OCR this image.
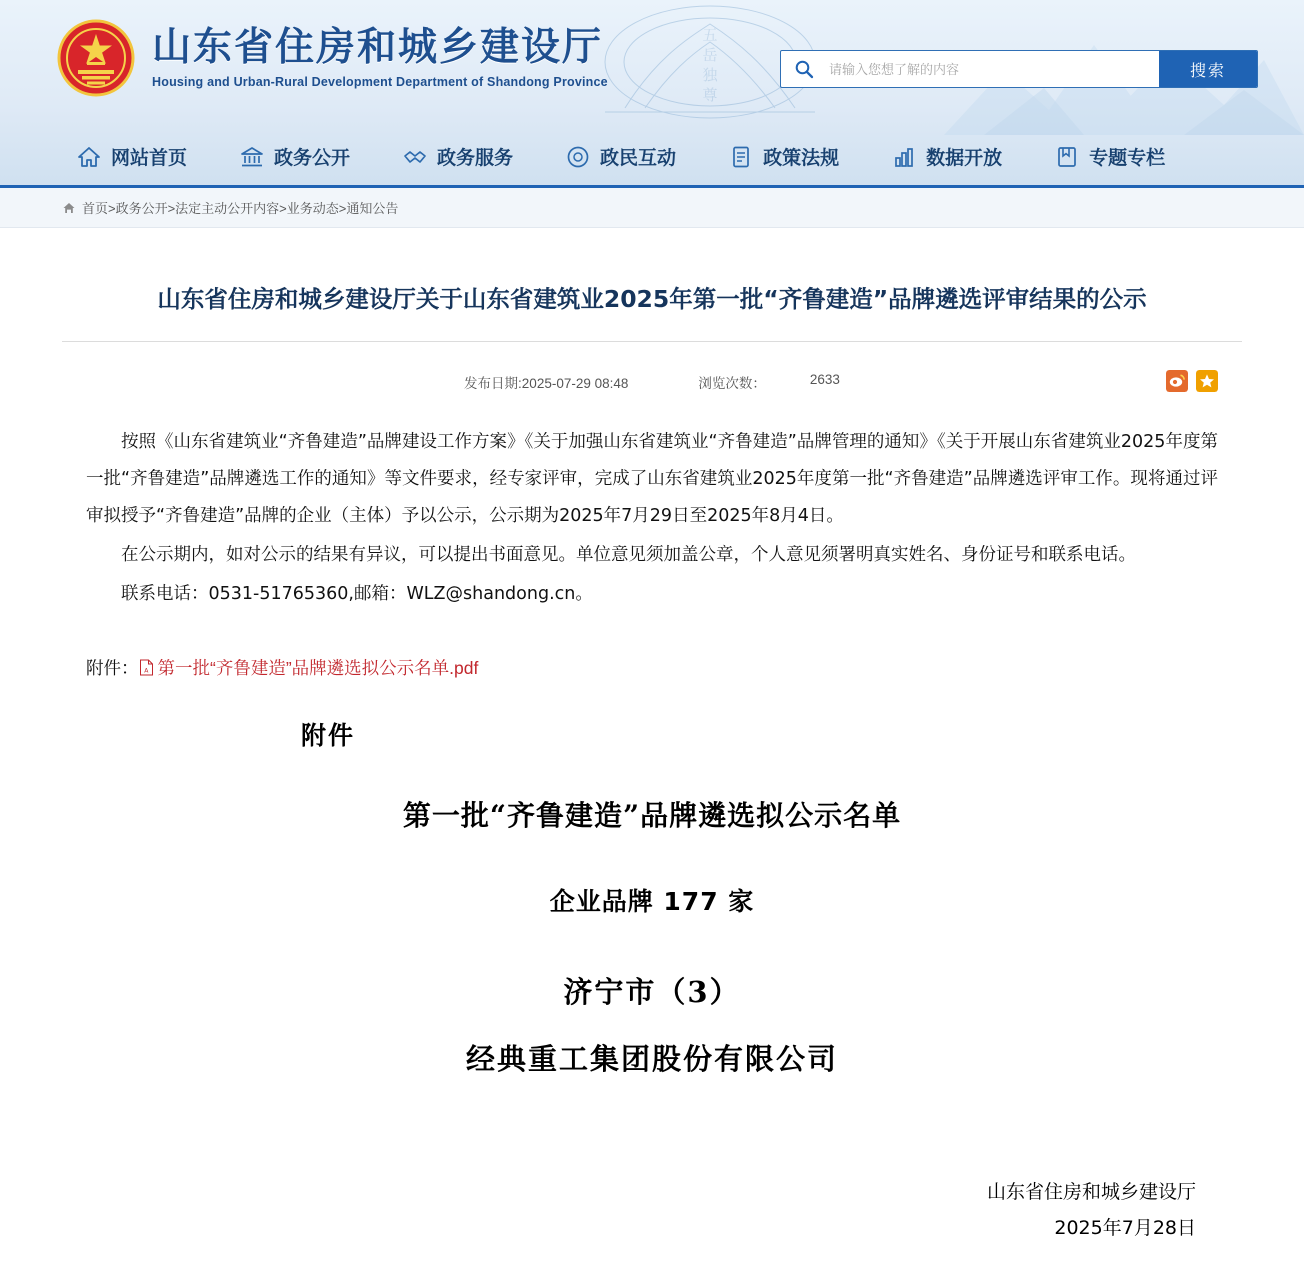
五
岳
独
尊
山东省住房和城乡建设厅
Housing and Urban-Rural Development Department of Shandong Province
请输入您想了解的内容
搜索
网站首页	政务公开	政务服务	政民互动	政策法规	数据开放	专题专栏
首页>政务公开>法定主动公开内容>业务动态>通知公告
山东省住房和城乡建设厅关于山东省建筑业2025年第一批“齐鲁建造”品牌遴选评审结果的公示
发布日期:2025-07-29 08:48	浏览次数：	2633

按照《山东省建筑业“齐鲁建造”品牌建设工作方案》《关于加强山东省建筑业“齐鲁建造”品牌管理的通知》《关于开展山东省建筑业2025年度第一批“齐鲁建造”品牌遴选工作的通知》等文件要求，经专家评审，完成了山东省建筑业2025年度第一批“齐鲁建造”品牌遴选评审工作。现将通过评审拟授予“齐鲁建造”品牌的企业（主体）予以公示，公示期为2025年7月29日至2025年8月4日。

在公示期内，如对公示的结果有异议，可以提出书面意见。单位意见须加盖公章，个人意见须署明真实姓名、身份证号和联系电话。

联系电话：0531-51765360,邮箱：WLZ@shandong.cn。

附件： A 第一批“齐鲁建造”品牌遴选拟公示名单.pdf
附件
第一批“齐鲁建造”品牌遴选拟公示名单
企业品牌 177 家
济宁市（3）
经典重工集团股份有限公司
山东省住房和城乡建设厅
2025年7月28日
